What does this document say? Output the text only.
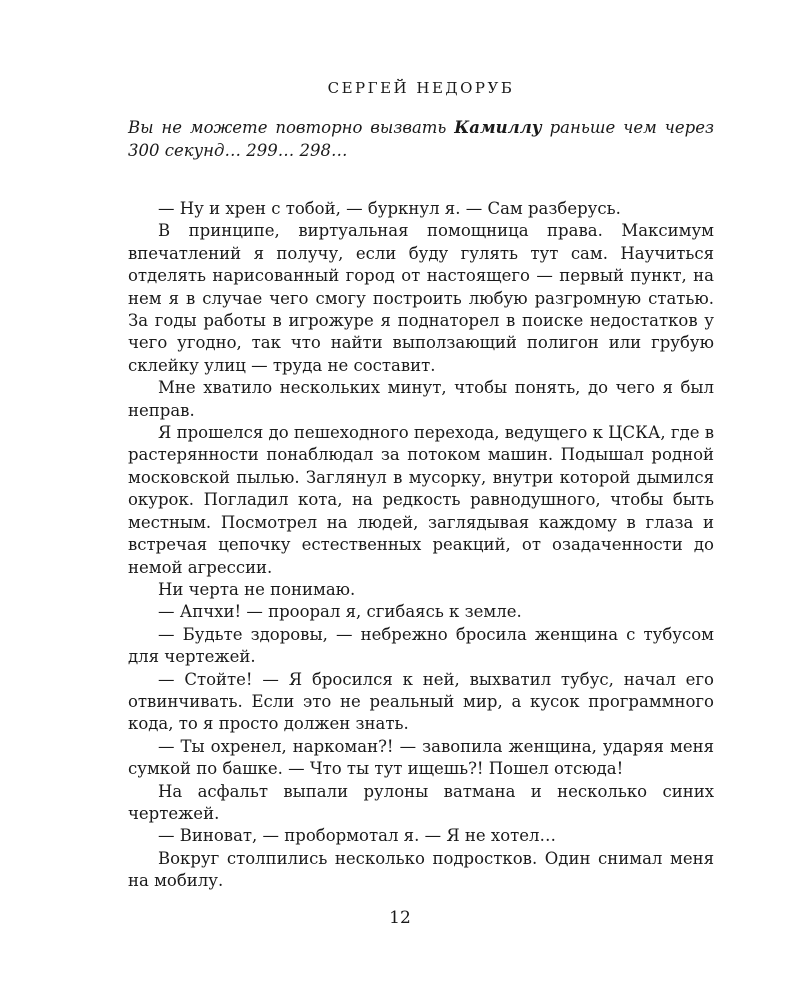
СЕРГЕЙ НЕДОРУБ

Вы не можете повторно вызвать Камиллу раньше чем через 300 секунд… 299… 298…

— Ну и хрен с тобой, — буркнул я. — Сам разберусь.

В принципе, виртуальная помощница права. Максимум впечатлений я получу, если буду гулять тут сам. Научиться отделять нарисованный город от настоящего — первый пункт, на нем я в случае чего смогу построить любую разгромную статью. За годы работы в игрожуре я поднаторел в поиске недостатков у чего угодно, так что найти выползающий полигон или грубую склейку улиц — труда не составит.

Мне хватило нескольких минут, чтобы понять, до чего я был неправ.

Я прошелся до пешеходного перехода, ведущего к ЦСКА, где в растерянности понаблюдал за потоком машин. Подышал родной московской пылью. Заглянул в мусорку, внутри которой дымился окурок. Погладил кота, на редкость равнодушного, чтобы быть местным. Посмотрел на людей, заглядывая каждому в глаза и встречая цепочку естественных реакций, от озадаченности до немой агрессии.

Ни черта не понимаю.

— Апчхи! — проорал я, сгибаясь к земле.

— Будьте здоровы, — небрежно бросила женщина с тубусом для чертежей.

— Стойте! — Я бросился к ней, выхватил тубус, начал его отвинчивать. Если это не реальный мир, а кусок программного кода, то я просто должен знать.

— Ты охренел, наркоман?! — завопила женщина, ударяя меня сумкой по башке. — Что ты тут ищешь?! Пошел отсюда!

На асфальт выпали рулоны ватмана и несколько синих чертежей.

— Виноват, — пробормотал я. — Я не хотел…

Вокруг столпились несколько подростков. Один снимал меня на мобилу.

12
